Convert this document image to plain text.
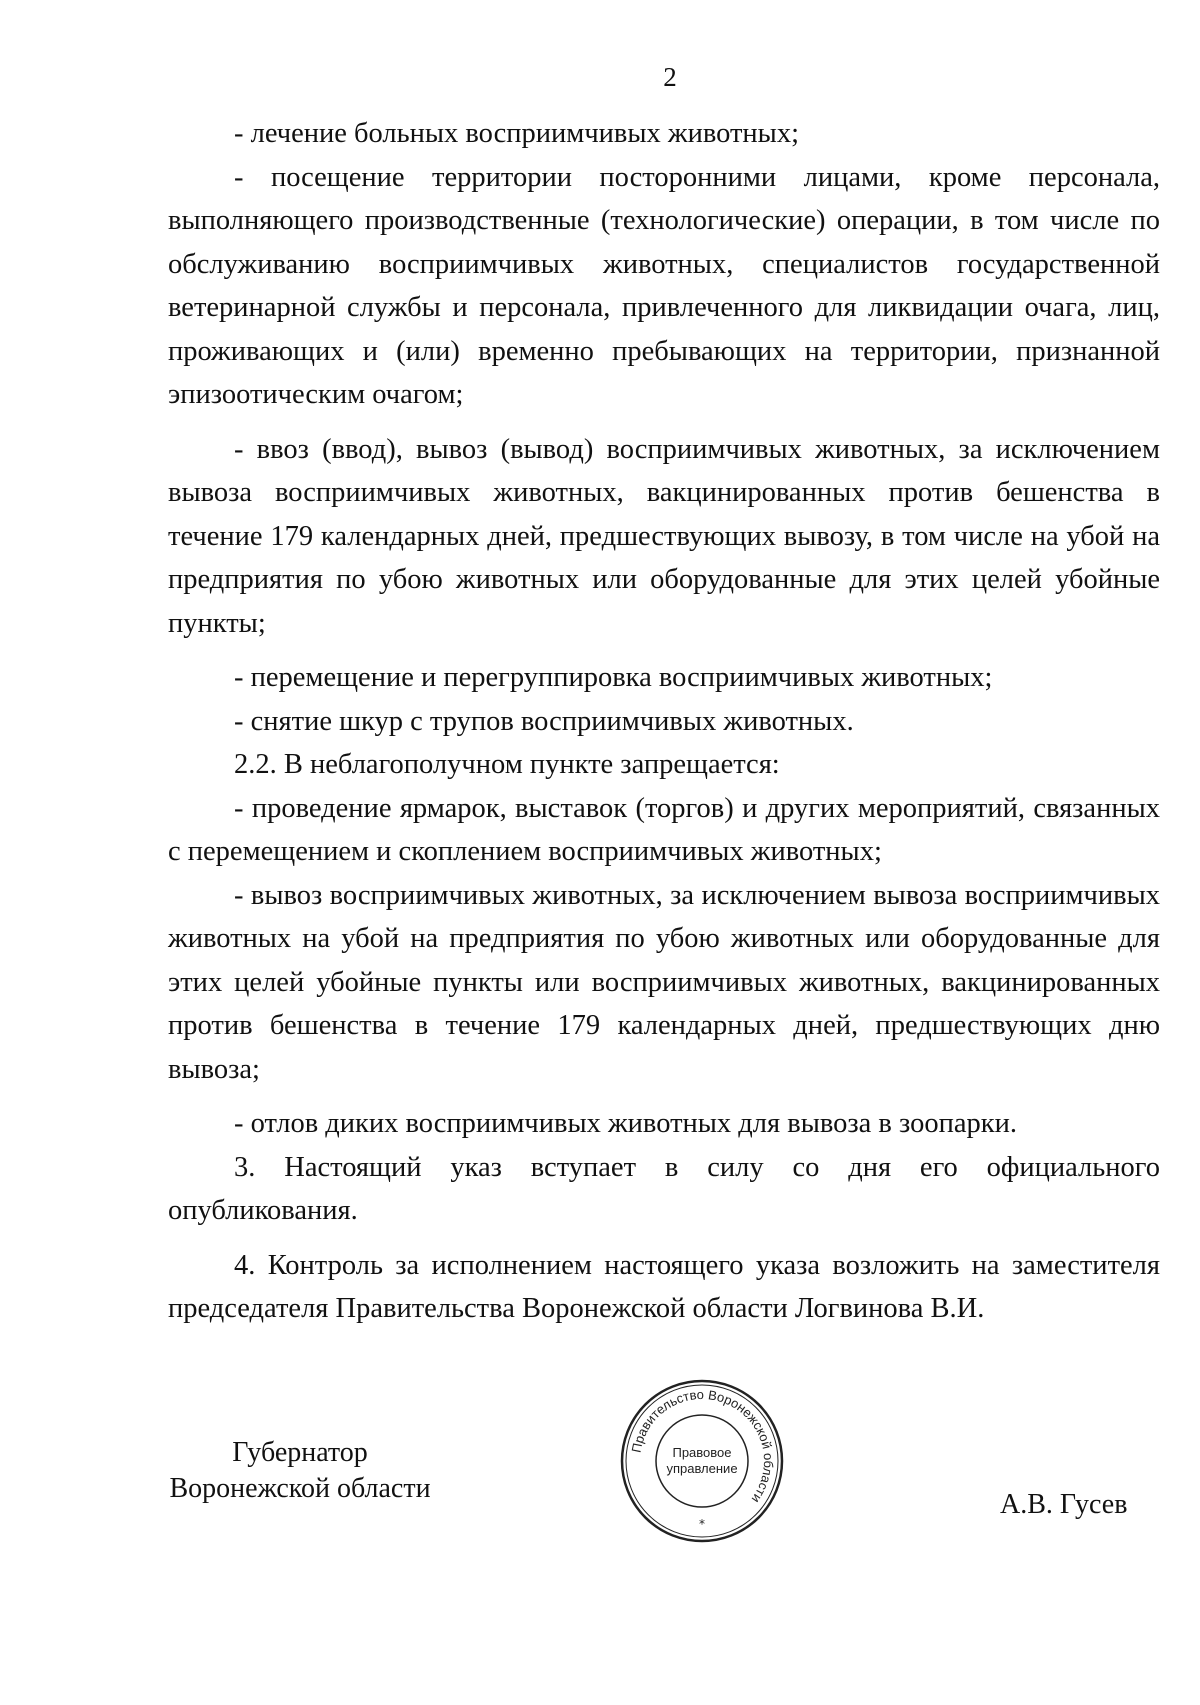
2

- лечение больных восприимчивых животных;

- посещение территории посторонними лицами, кроме персонала, выполняющего производственные (технологические) операции, в том числе по обслуживанию восприимчивых животных, специалистов государственной ветеринарной службы и персонала, привлеченного для ликвидации очага, лиц, проживающих и (или) временно пребывающих на территории, признанной эпизоотическим очагом;

- ввоз (ввод), вывоз (вывод) восприимчивых животных, за исключением вывоза восприимчивых животных, вакцинированных против бешенства в течение 179 календарных дней, предшествующих вывозу, в том числе на убой на предприятия по убою животных или оборудованные для этих целей убойные пункты;

- перемещение и перегруппировка восприимчивых животных;

- снятие шкур с трупов восприимчивых животных.

2.2. В неблагополучном пункте запрещается:

- проведение ярмарок, выставок (торгов) и других мероприятий, связанных с перемещением и скоплением восприимчивых животных;

- вывоз восприимчивых животных, за исключением вывоза восприимчивых животных на убой на предприятия по убою животных или оборудованные для этих целей убойные пункты или восприимчивых животных, вакцинированных против бешенства в течение 179 календарных дней, предшествующих дню вывоза;

- отлов диких восприимчивых животных для вывоза в зоопарки.

3. Настоящий указ вступает в силу со дня его официального опубликования.

4. Контроль за исполнением настоящего указа возложить на заместителя председателя Правительства Воронежской области Логвинова В.И.

Губернатор
Воронежской области
Правительство Воронежской области
Правовое
управление
*
А.В. Гусев
